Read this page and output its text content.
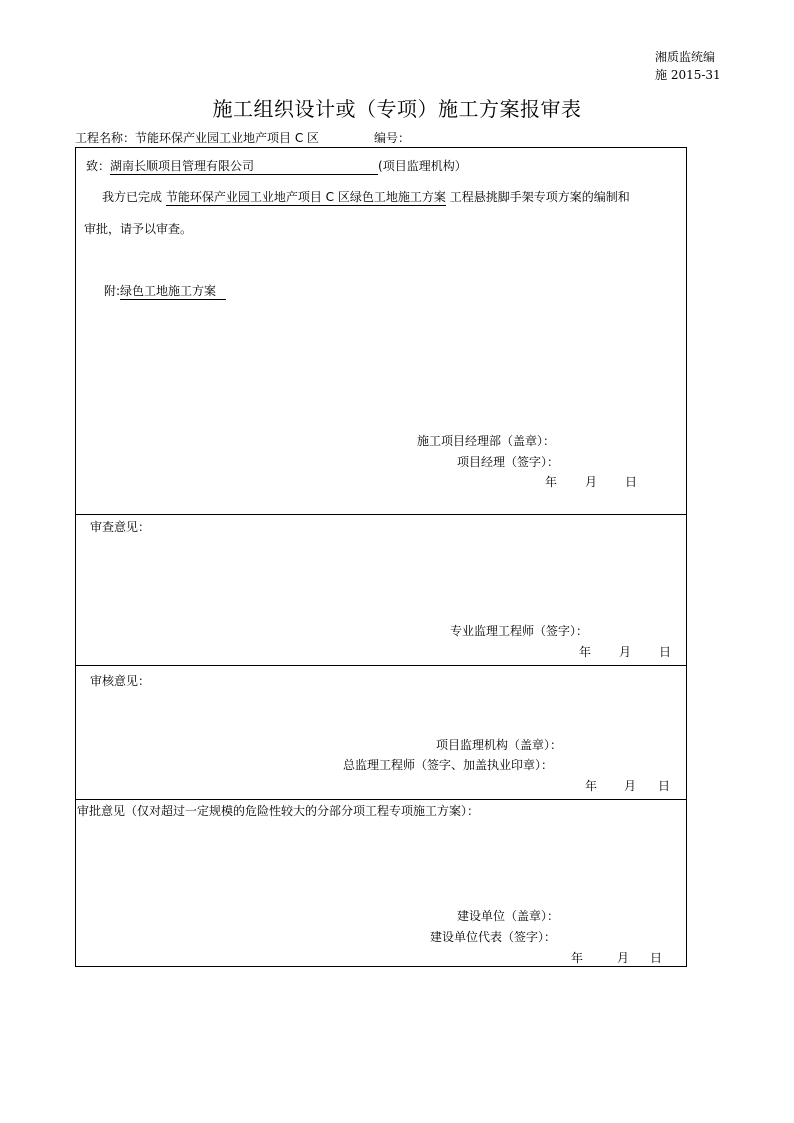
湘质监统编
施 2015-31
施工组织设计或（专项）施工方案报审表
工程名称：节能环保产业园工业地产项目 C 区	编号：
致：湖南长顺项目管理有限公司	(项目监理机构）
我方已完成 节能环保产业园工业地产项目 C 区绿色工地施工方案 工程悬挑脚手架专项方案的编制和
审批，请予以审查。
附:绿色工地施工方案
施工项目经理部（盖章）：
项目经理（签字）：
年 月 日
审查意见：
专业监理工程师（签字）：
年 月 日
审核意见：
项目监理机构（盖章）：
总监理工程师（签字、加盖执业印章）：
年 月 日
审批意见（仅对超过一定规模的危险性较大的分部分项工程专项施工方案）：
建设单位（盖章）：
建设单位代表（签字）：
年	月 日
